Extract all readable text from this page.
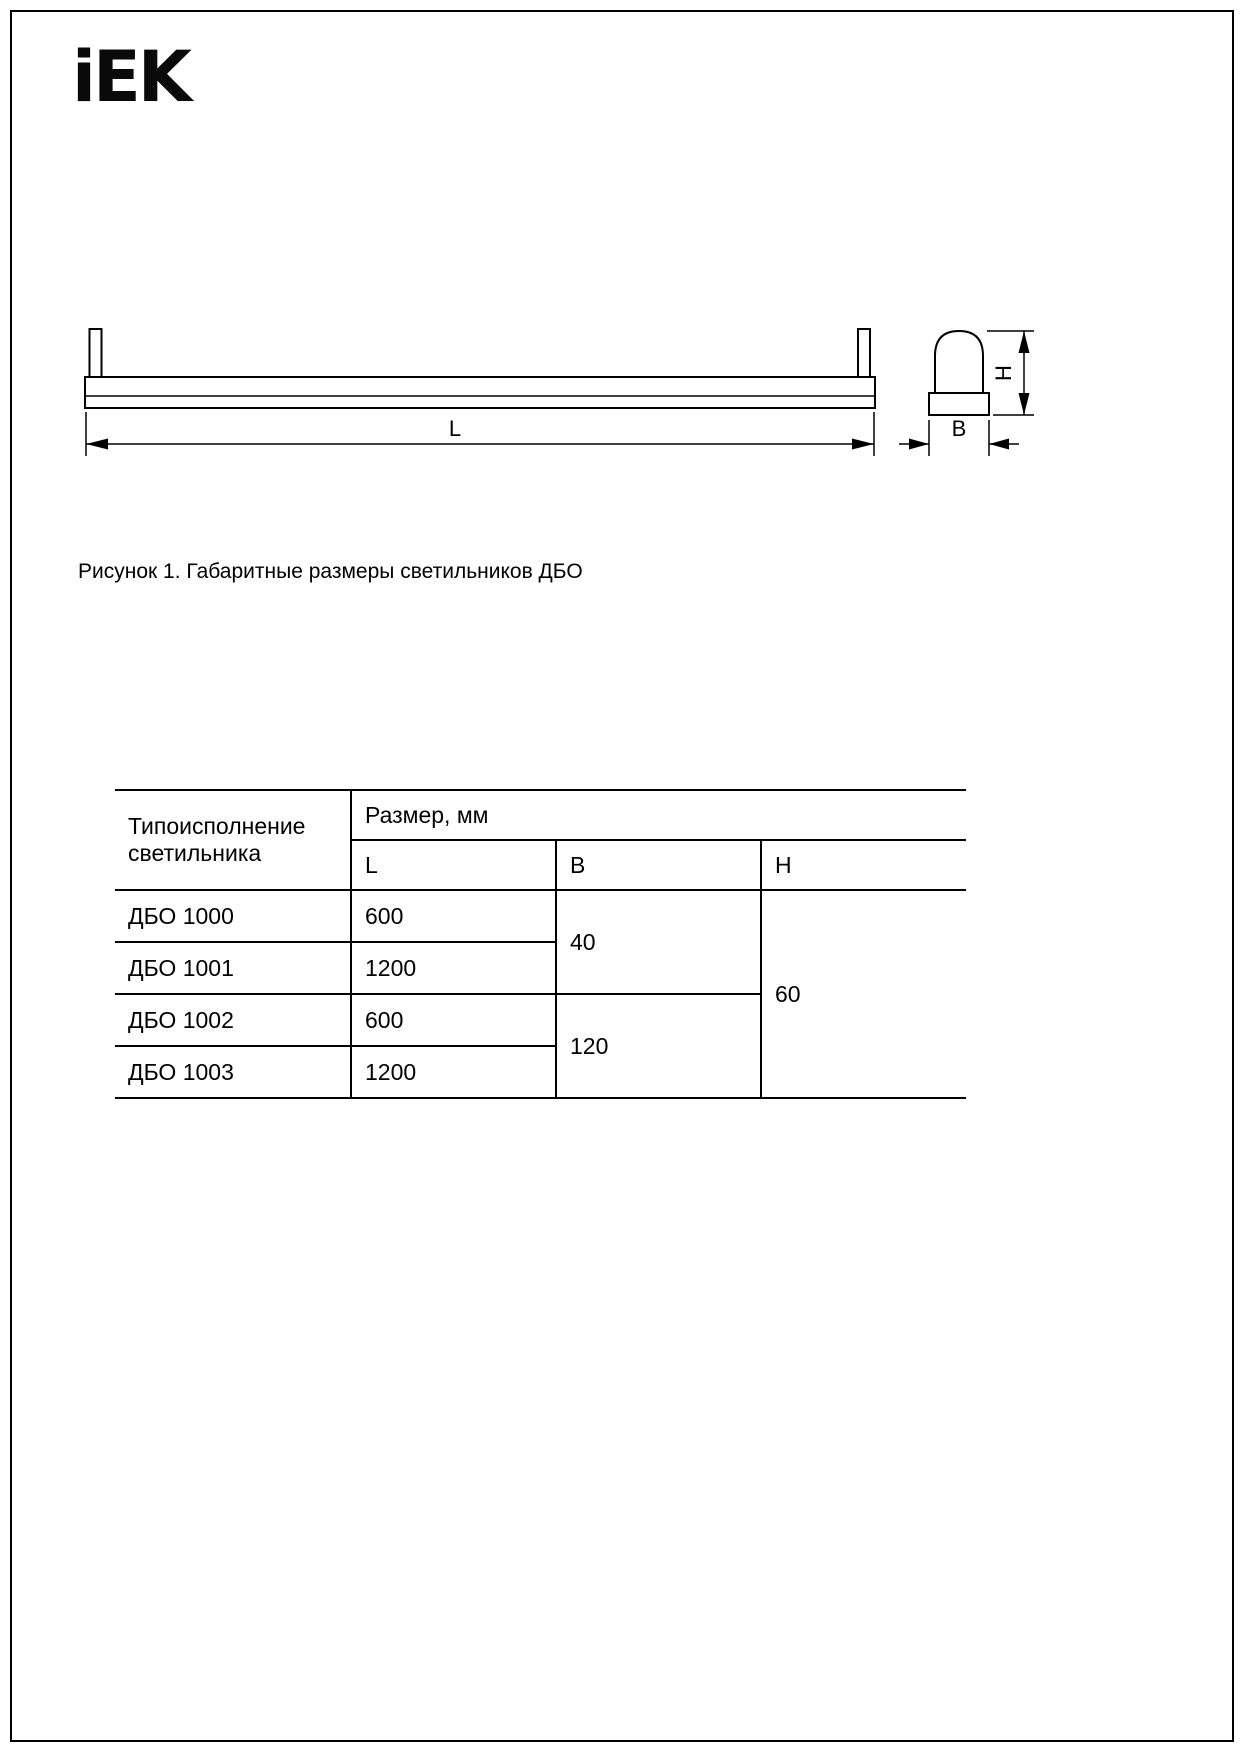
iEK
L
H
B
Рисунок 1. Габаритные размеры светильников ДБО
Типоисполнение светильника	Размер, мм		
	L	B	H
ДБО 1000	600	40	60
ДБО 1001	1200		
ДБО 1002	600	120	
ДБО 1003	1200		
